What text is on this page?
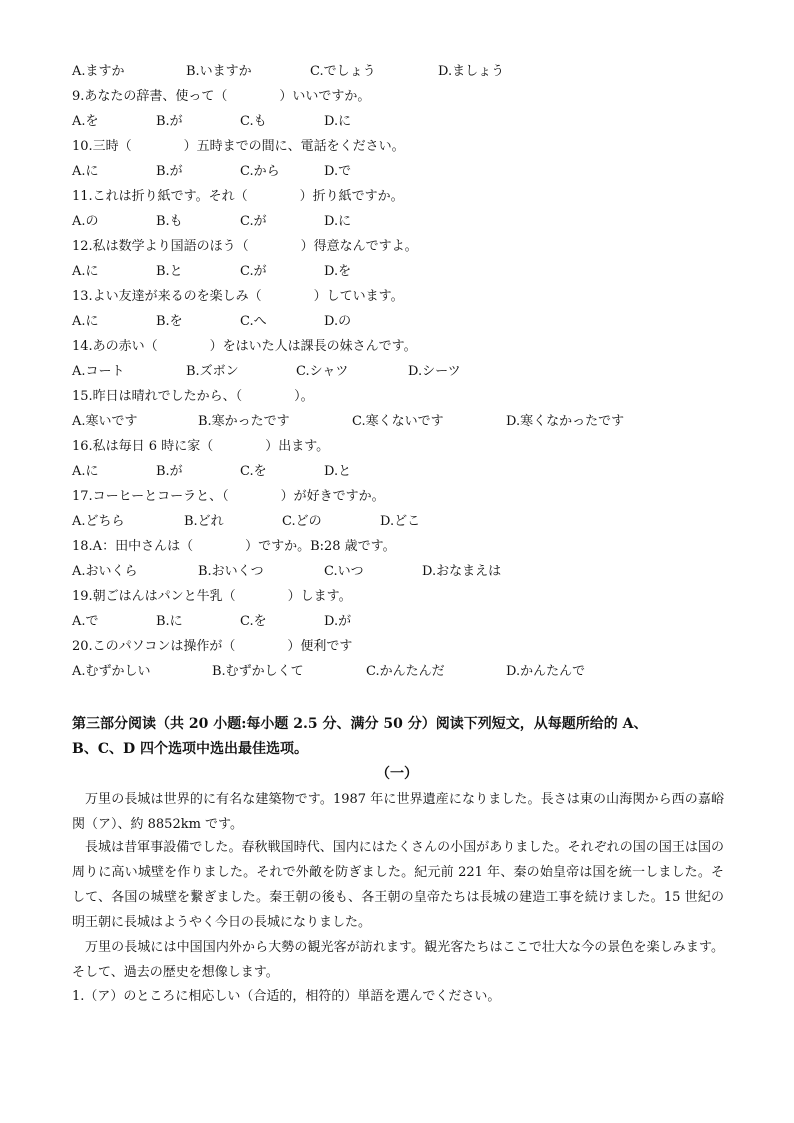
A.ますか	B.いますか	C.でしょう	D.ましょう
9.あなたの辞書、使って（　　　　）いいですか。
A.を	B.が	C.も	D.に
10.三時（　　　　）五時までの間に、電話をください。
A.に	B.が	C.から	D.で
11.これは折り紙です。それ（　　　　）折り紙ですか。
A.の	B.も	C.が	D.に
12.私は数学より国語のほう（　　　　）得意なんですよ。
A.に	B.と	C.が	D.を
13.よい友達が来るのを楽しみ（　　　　）しています。
A.に	B.を	C.へ	D.の
14.あの赤い（　　　　）をはいた人は課長の妹さんです。
A.コート	B.ズボン	C.シャツ	D.シーツ
15.昨日は晴れでしたから、（　　　　）。
A.寒いです	B.寒かったです	C.寒くないです	D.寒くなかったです
16.私は毎日 6 時に家（　　　　）出ます。
A.に	B.が	C.を	D.と
17.コーヒーとコーラと、（　　　　）が好きですか。
A.どちら	B.どれ	C.どの	D.どこ
18.A：田中さんは（　　　　）ですか。B:28 歳です。
A.おいくら	B.おいくつ	C.いつ	D.おなまえは
19.朝ごはんはパンと牛乳（　　　　）します。
A.で	B.に	C.を	D.が
20.このパソコンは操作が（　　　　）便利です
A.むずかしい	B.むずかしくて	C.かんたんだ	D.かんたんで
第三部分阅读（共 20 小题:每小题 2.5 分、满分 50 分）阅读下列短文，从每题所给的 A、
B、C、D 四个选项中选出最佳选项。
（一）
万里の長城は世界的に有名な建築物です。1987 年に世界遺産になりました。長さは東の山海関から西の嘉峪関（ア）、約 8852km です。
長城は昔軍事設備でした。春秋戦国時代、国内にはたくさんの小国がありました。それぞれの国の国王は国の周りに高い城壁を作りました。それで外敵を防ぎました。紀元前 221 年、秦の始皇帝は国を統一しました。そして、各国の城壁を繋ぎました。秦王朝の後も、各王朝の皇帝たちは長城の建造工事を続けました。15 世紀の明王朝に長城はようやく今日の長城になりました。
万里の長城には中国国内外から大勢の観光客が訪れます。観光客たちはここで壮大な今の景色を楽しみます。そして、過去の歴史を想像します。
1.（ア）のところに相応しい（合适的，相符的）単語を選んでください。
